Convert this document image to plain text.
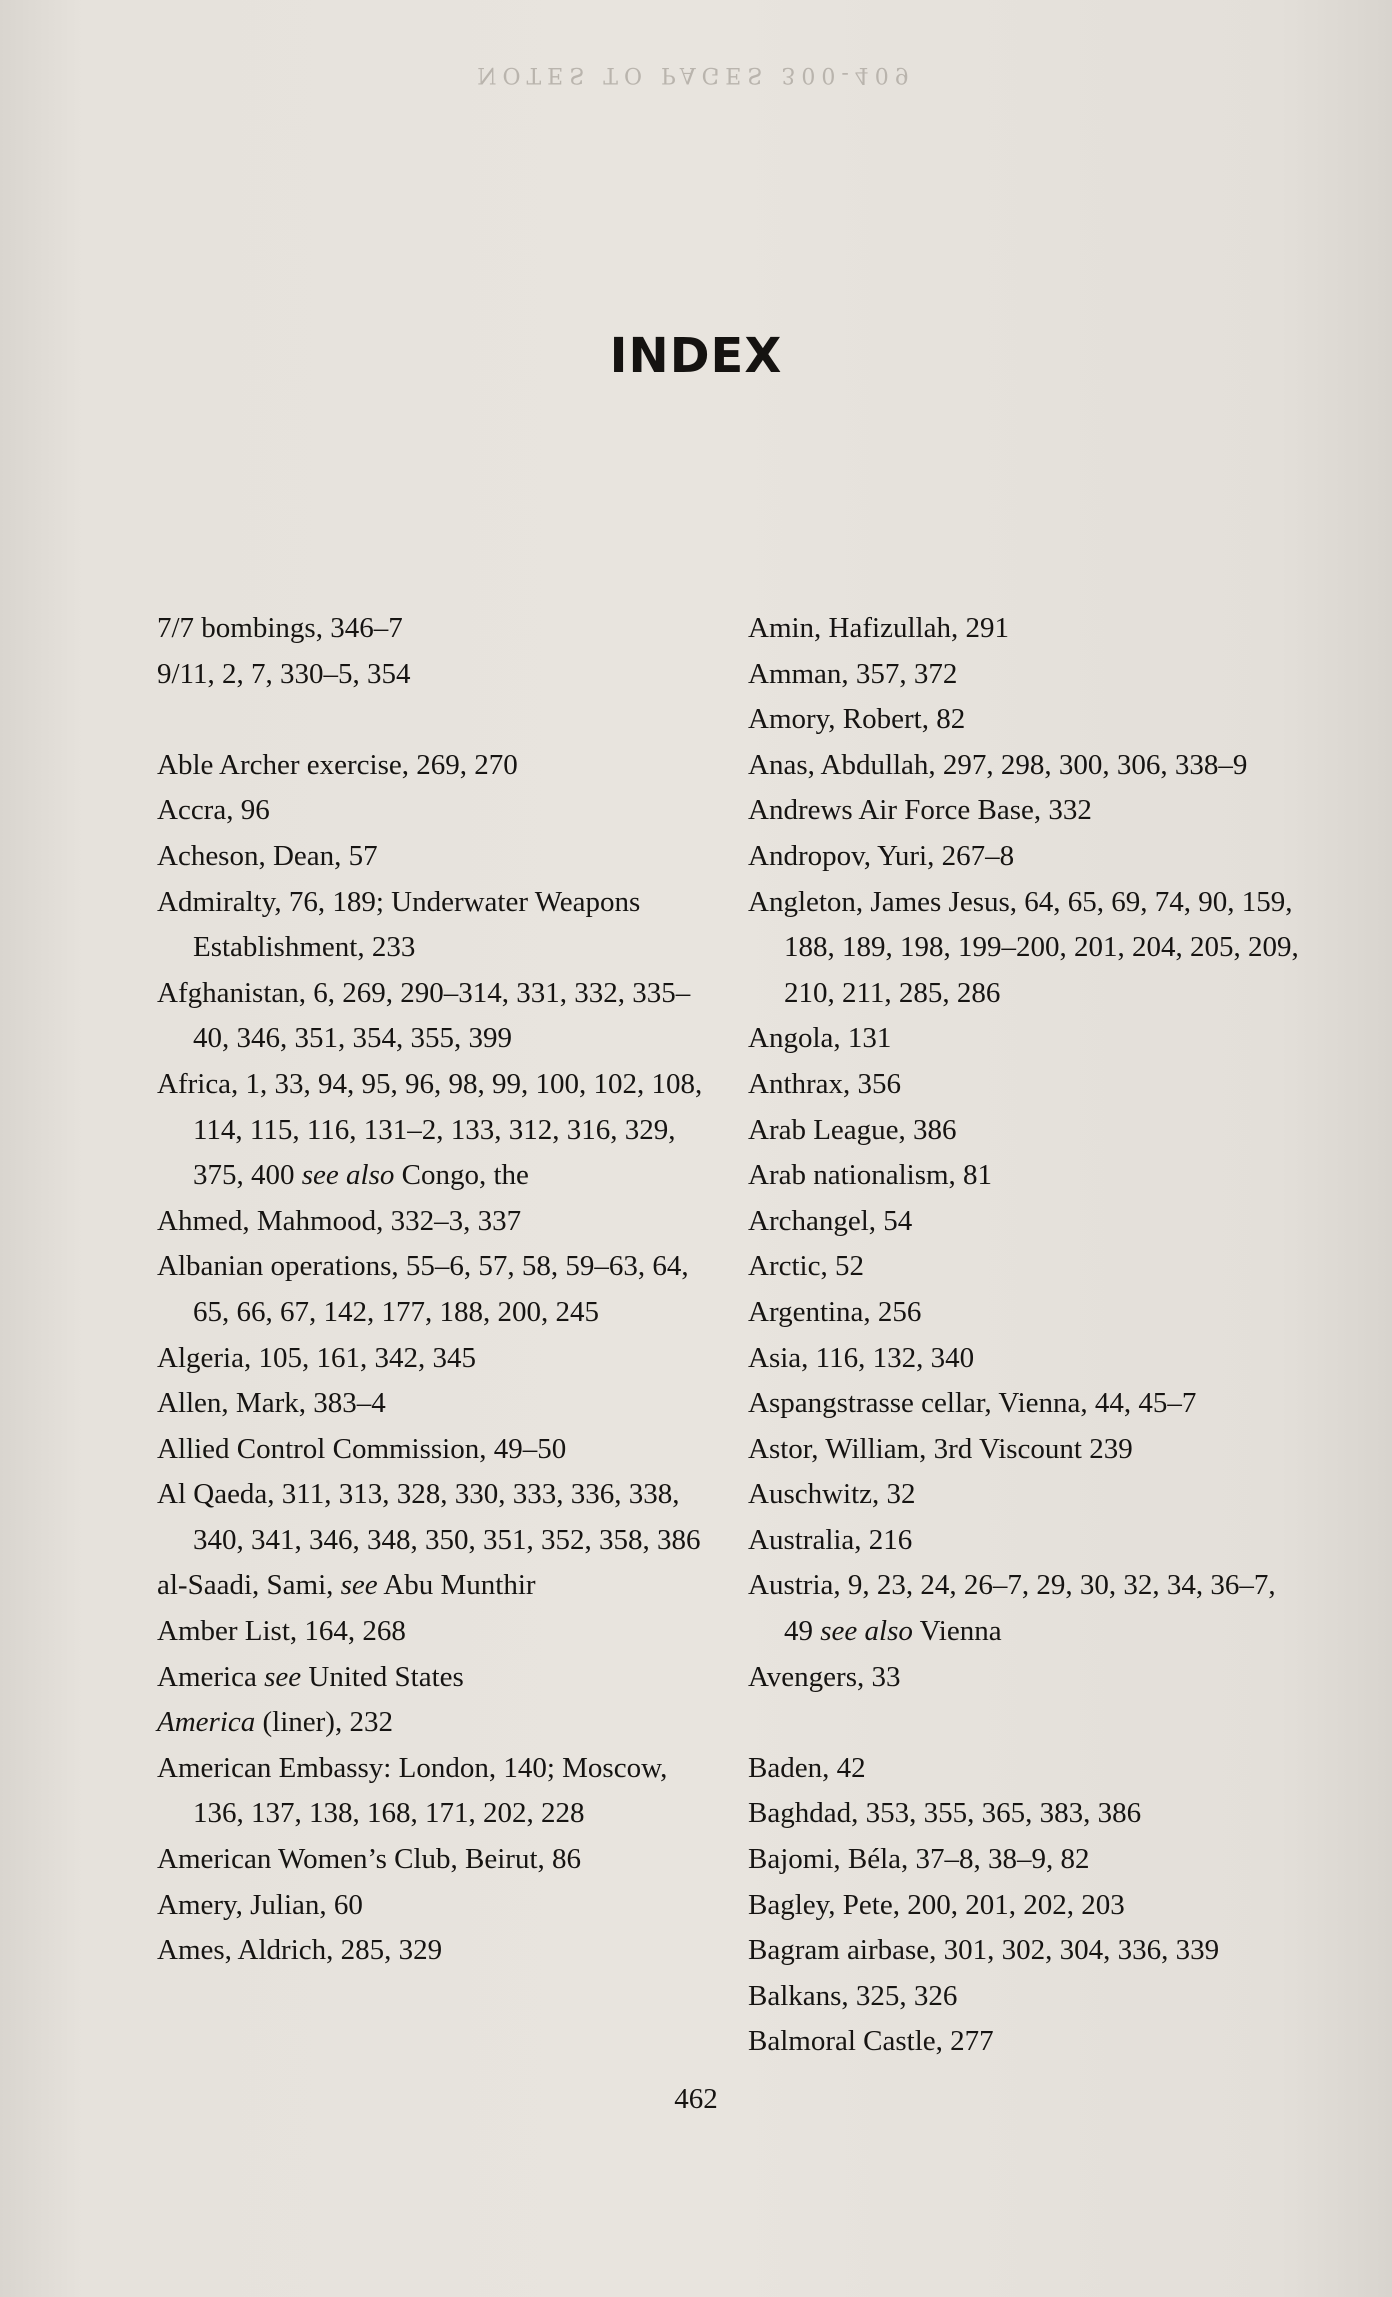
NOTES TO PAGES 300-409
INDEX

7/7 bombings, 346–7

9/11, 2, 7, 330–5, 354

Able Archer exercise, 269, 270

Accra, 96

Acheson, Dean, 57

Admiralty, 76, 189; Underwater Weapons Establishment, 233

Afghanistan, 6, 269, 290–314, 331, 332, 335–40, 346, 351, 354, 355, 399

Africa, 1, 33, 94, 95, 96, 98, 99, 100, 102, 108, 114, 115, 116, 131–2, 133, 312, 316, 329, 375, 400 see also Congo, the

Ahmed, Mahmood, 332–3, 337

Albanian operations, 55–6, 57, 58, 59–63, 64, 65, 66, 67, 142, 177, 188, 200, 245

Algeria, 105, 161, 342, 345

Allen, Mark, 383–4

Allied Control Commission, 49–50

Al Qaeda, 311, 313, 328, 330, 333, 336, 338, 340, 341, 346, 348, 350, 351, 352, 358, 386

al-Saadi, Sami, see Abu Munthir

Amber List, 164, 268

America see United States

America (liner), 232

American Embassy: London, 140; Moscow, 136, 137, 138, 168, 171, 202, 228

American Women’s Club, Beirut, 86

Amery, Julian, 60

Ames, Aldrich, 285, 329

Amin, Hafizullah, 291

Amman, 357, 372

Amory, Robert, 82

Anas, Abdullah, 297, 298, 300, 306, 338–9

Andrews Air Force Base, 332

Andropov, Yuri, 267–8

Angleton, James Jesus, 64, 65, 69, 74, 90, 159, 188, 189, 198, 199–200, 201, 204, 205, 209, 210, 211, 285, 286

Angola, 131

Anthrax, 356

Arab League, 386

Arab nationalism, 81

Archangel, 54

Arctic, 52

Argentina, 256

Asia, 116, 132, 340

Aspangstrasse cellar, Vienna, 44, 45–7

Astor, William, 3rd Viscount 239

Auschwitz, 32

Australia, 216

Austria, 9, 23, 24, 26–7, 29, 30, 32, 34, 36–7, 49 see also Vienna

Avengers, 33

Baden, 42

Baghdad, 353, 355, 365, 383, 386

Bajomi, Béla, 37–8, 38–9, 82

Bagley, Pete, 200, 201, 202, 203

Bagram airbase, 301, 302, 304, 336, 339

Balkans, 325, 326

Balmoral Castle, 277

462
